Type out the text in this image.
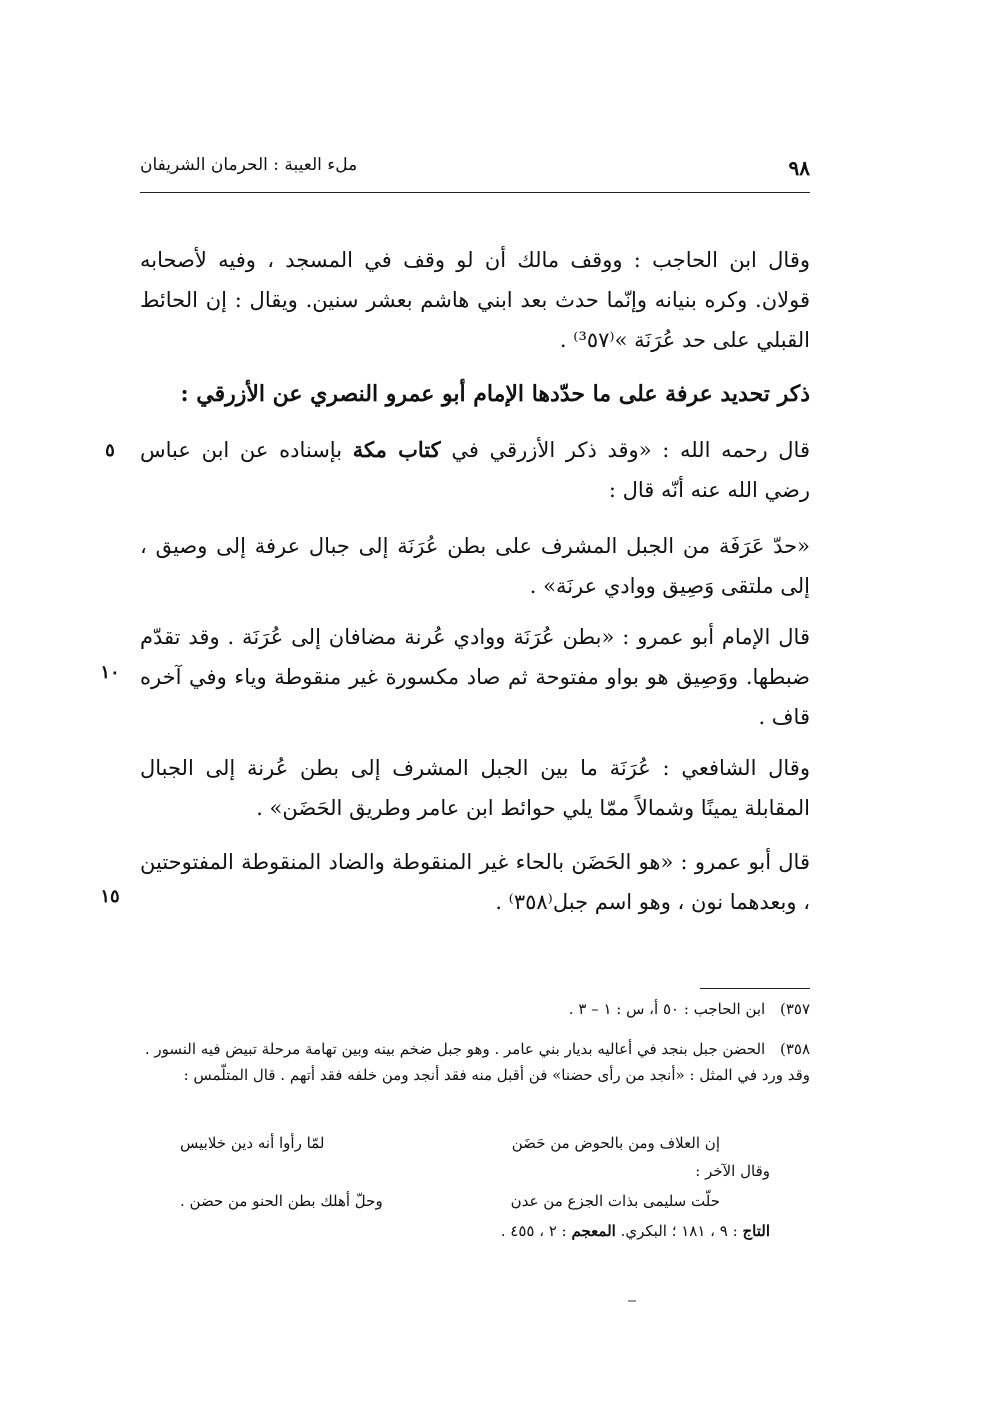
ملء العيبة : الحرمان الشريفان	٩٨
وقال ابن الحاجب : ووقف مالك أن لو وقف في المسجد ، وفيه لأصحابه قولان. وكره بنيانه وإنّما حدث بعد ابني هاشم بعشر سنين. ويقال : إن الحائط القبلي على حد عُرَنَة »⁽³٥٧⁾ .
ذكر تحديد عرفة على ما حدّدها الإمام أبو عمرو النصري عن الأزرقي :
قال رحمه الله : «وقد ذكر الأزرقي في كتاب مكة بإسناده عن ابن عباس رضي الله عنه أنّه قال :
«حدّ عَرَفَة من الجبل المشرف على بطن عُرَنَة إلى جبال عرفة إلى وصيق ، إلى ملتقى وَصِيق ووادي عرنَة» .
قال الإمام أبو عمرو : «بطن عُرَنَة ووادي عُرنة مضافان إلى عُرَنَة . وقد تقدّم ضبطها. ووَصِيق هو بواو مفتوحة ثم صاد مكسورة غير منقوطة وياء وفي آخره قاف .
وقال الشافعي : عُرَنَة ما بين الجبل المشرف إلى بطن عُرنة إلى الجبال المقابلة يمينًا وشمالاً ممّا يلي حوائط ابن عامر وطريق الحَضَن» .
قال أبو عمرو : «هو الحَضَن بالحاء غير المنقوطة والضاد المنقوطة المفتوحتين ، وبعدهما نون ، وهو اسم جبل⁽٣٥٨⁾ .
٥
١٠
١٥
٣٥٧) ابن الحاجب : ٥٠ أ، س : ١ – ٣ .
٣٥٨) الحضن جبل بنجد في أعاليه بديار بني عامر . وهو جبل ضخم بينه وبين تهامة مرحلة تبيض فيه النسور . وقد ورد في المثل : «أنجد من رأى حضنا» فن أقبل منه فقد أنجد ومن خلفه فقد أتهم . قال المتلّمس :
إن العلاف ومن بالحوض من حَضَن
لمّا رأوا أنه دين خلابيس
وقال الآخر :
حلّت سليمى بذات الجزع من عدن
وحلّ أهلك بطن الحنو من حضن .
التاج : ٩ ، ١٨١ ؛ البكري. المعجم : ٢ ، ٤٥٥ .
